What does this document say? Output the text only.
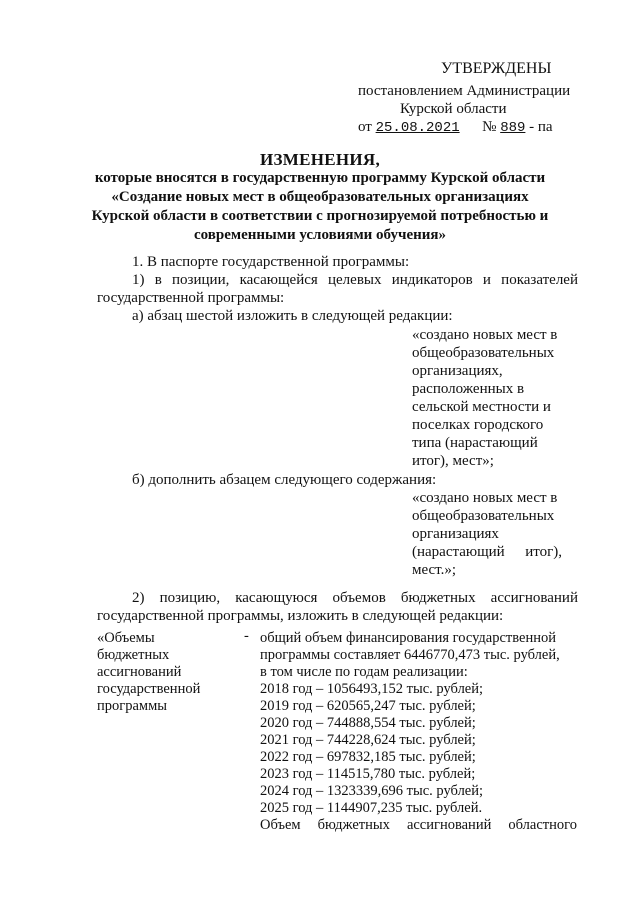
УТВЕРЖДЕНЫ
постановлением Администрации
Курской области
от 25.08.2021 № 889 - па
ИЗМЕНЕНИЯ,
которые вносятся в государственную программу Курской области
«Создание новых мест в общеобразовательных организациях
Курской области в соответствии с прогнозируемой потребностью и
современными условиями обучения»
1. В паспорте государственной программы:
1) в позиции, касающейся целевых индикаторов и показателей
государственной программы:
а) абзац шестой изложить в следующей редакции:
«создано новых мест в
общеобразовательных
организациях,
расположенных в
сельской местности и
поселках городского
типа (нарастающий
итог), мест»;
б) дополнить абзацем следующего содержания:
«создано новых мест в
общеобразовательных
организациях
(нарастающий итог),
мест.»;
2) позицию, касающуюся объемов бюджетных ассигнований
государственной программы, изложить в следующей редакции:
«Объемы
бюджетных
ассигнований
государственной
программы
- общий объем финансирования государственной
программы составляет 6446770,473 тыс. рублей,
в том числе по годам реализации:
2018 год – 1056493,152 тыс. рублей;
2019 год – 620565,247 тыс. рублей;
2020 год – 744888,554 тыс. рублей;
2021 год – 744228,624 тыс. рублей;
2022 год – 697832,185 тыс. рублей;
2023 год – 114515,780 тыс. рублей;
2024 год – 1323339,696 тыс. рублей;
2025 год – 1144907,235 тыс. рублей.
Объем бюджетных ассигнований областного
